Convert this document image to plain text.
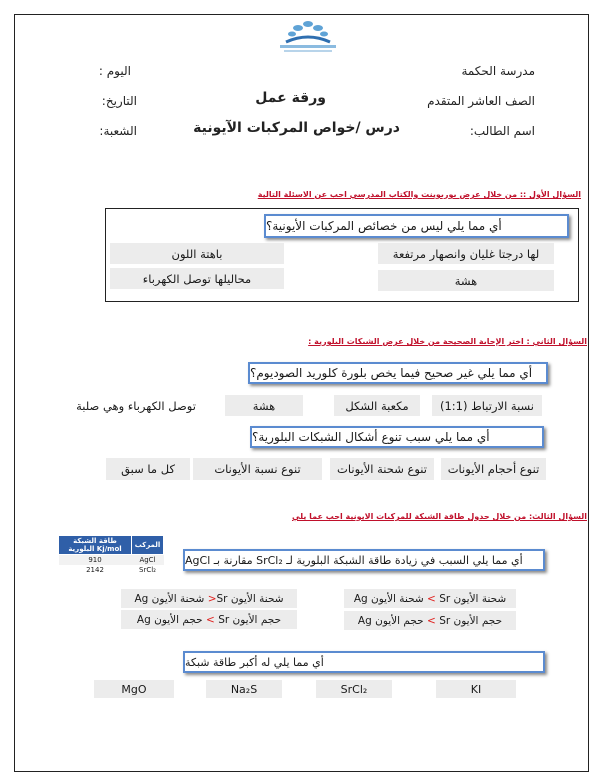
مدرسة الحكمة
اليوم :
الصف العاشر المتقدم
ورقة عمل
التاريخ:
اسم الطالب:
درس /خواص المركبات الآيونية
الشعبة:
السؤال الأول :: من خلال عرض بوربوينت والكتاب المدرسي اجب عن الاسئلة التالية
أي مما يلي ليس من خصائص المركبات الأيونية؟
لها درجتا غليان وانصهار مرتفعة
باهتة اللون
هشة
محاليلها توصل الكهرباء
السؤال الثاني : اختر الإجابة الصحيحة من خلال عرض الشبكات البلورية :
أي مما يلي غير صحيح فيما يخص بلورة كلوريد الصوديوم؟
نسبة الارتباط (1:1)
مكعبة الشكل
هشة
توصل الكهرباء وهي صلبة
أي مما يلي سبب تنوع أشكال الشبكات البلورية؟
تنوع أحجام الأيونات
تنوع شحنة الأيونات
تنوع نسبة الأيونات
كل ما سبق
السؤال الثالث: من خلال جدول طاقة الشبكة للمركبات الايونية اجب عما يلي
طاقة الشبكة البلورية Kj/mol	المركب
910	AgCl
2142	SrCl₂
أي مما يلي السبب في زيادة طاقة الشبكة البلورية لـ SrCl₂ مقارنة بـ AgCl
شحنة الأيون

Sr

>

شحنة الأيون Ag
شحنة الأيون

Sr
<

شحنة الأيون Ag
حجم الأيون

Sr

>

حجم الأيون Ag
حجم الأيون

Sr

>

حجم الأيون Ag
أي مما يلي له أكبر طاقة شبكة
KI
SrCl₂
Na₂S
MgO
